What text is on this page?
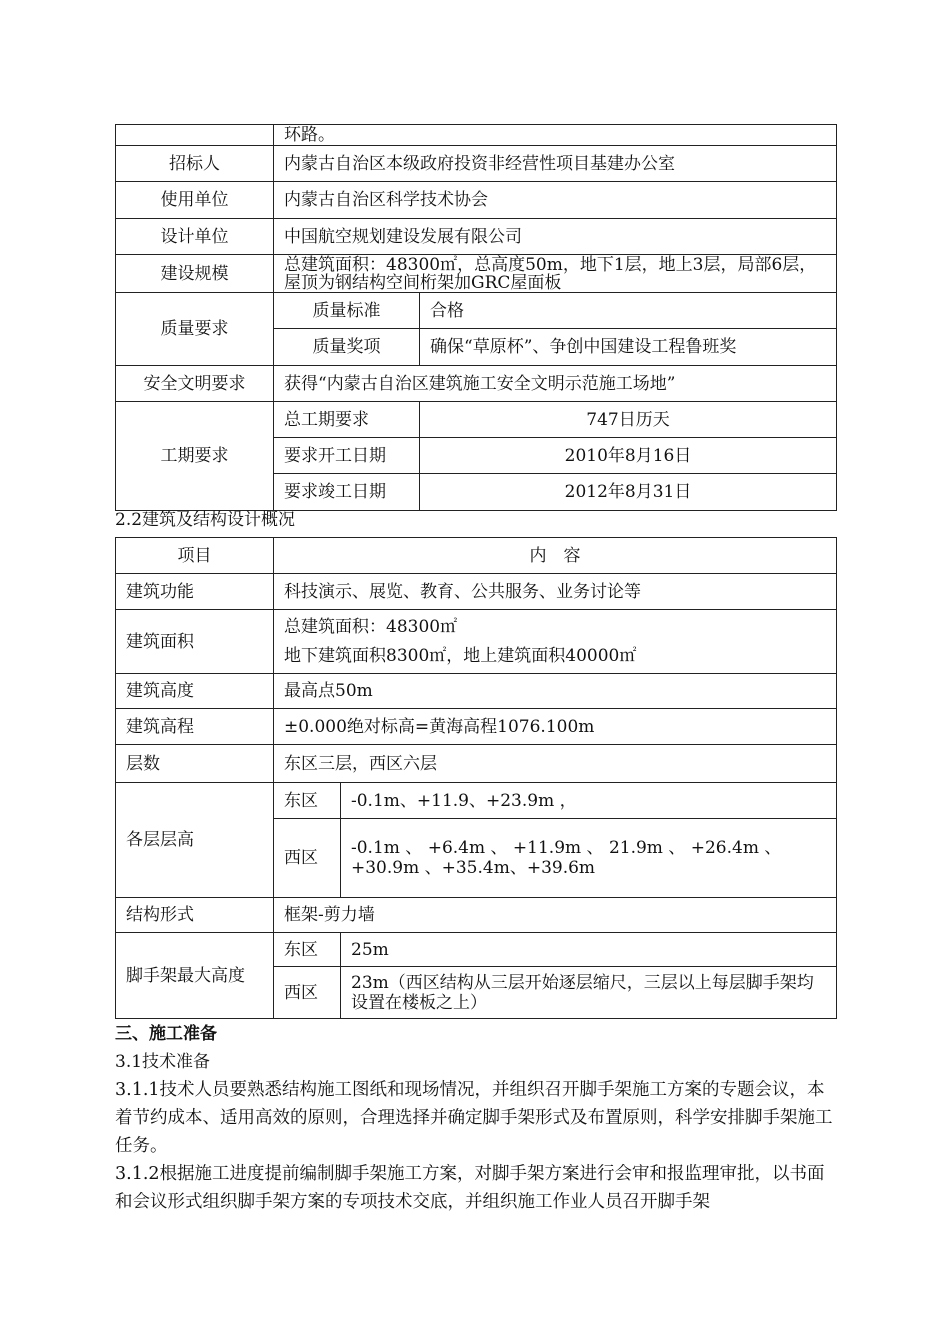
	环路。	
招标人	内蒙古自治区本级政府投资非经营性项目基建办公室	
使用单位	内蒙古自治区科学技术协会	
设计单位	中国航空规划建设发展有限公司	
建设规模	总建筑面积：48300㎡，总高度50m，地下1层，地上3层，局部6层，屋顶为钢结构空间桁架加GRC屋面板	
质量要求	质量标准	合格
	质量奖项	确保“草原杯”、争创中国建设工程鲁班奖
安全文明要求	获得“内蒙古自治区建筑施工安全文明示范施工场地”	
工期要求	总工期要求	747日历天
	要求开工日期	2010年8月16日
	要求竣工日期	2012年8月31日
2.2建筑及结构设计概况
项目	内　容	
建筑功能	科技演示、展览、教育、公共服务、业务讨论等	
建筑面积	总建筑面积：48300㎡
地下建筑面积8300㎡，地上建筑面积40000㎡	

建筑高度	最高点50m	
建筑高程	±0.000绝对标高=黄海高程1076.100m	
层数	东区三层，西区六层	
各层层高	东区	-0.1m、+11.9、+23.9m ，
	西区	-0.1m 、 +6.4m 、 +11.9m 、 21.9m 、 +26.4m 、 +30.9m 、+35.4m、+39.6m
结构形式	框架-剪力墙	
脚手架最大高度	东区	25m
	西区	23m（西区结构从三层开始逐层缩尺，三层以上每层脚手架均设置在楼板之上）
三、施工准备
3.1技术准备
3.1.1技术人员要熟悉结构施工图纸和现场情况，并组织召开脚手架施工方案的专题会议，本着节约成本、适用高效的原则，合理选择并确定脚手架形式及布置原则，科学安排脚手架施工任务。
3.1.2根据施工进度提前编制脚手架施工方案，对脚手架方案进行会审和报监理审批，以书面和会议形式组织脚手架方案的专项技术交底，并组织施工作业人员召开脚手架
